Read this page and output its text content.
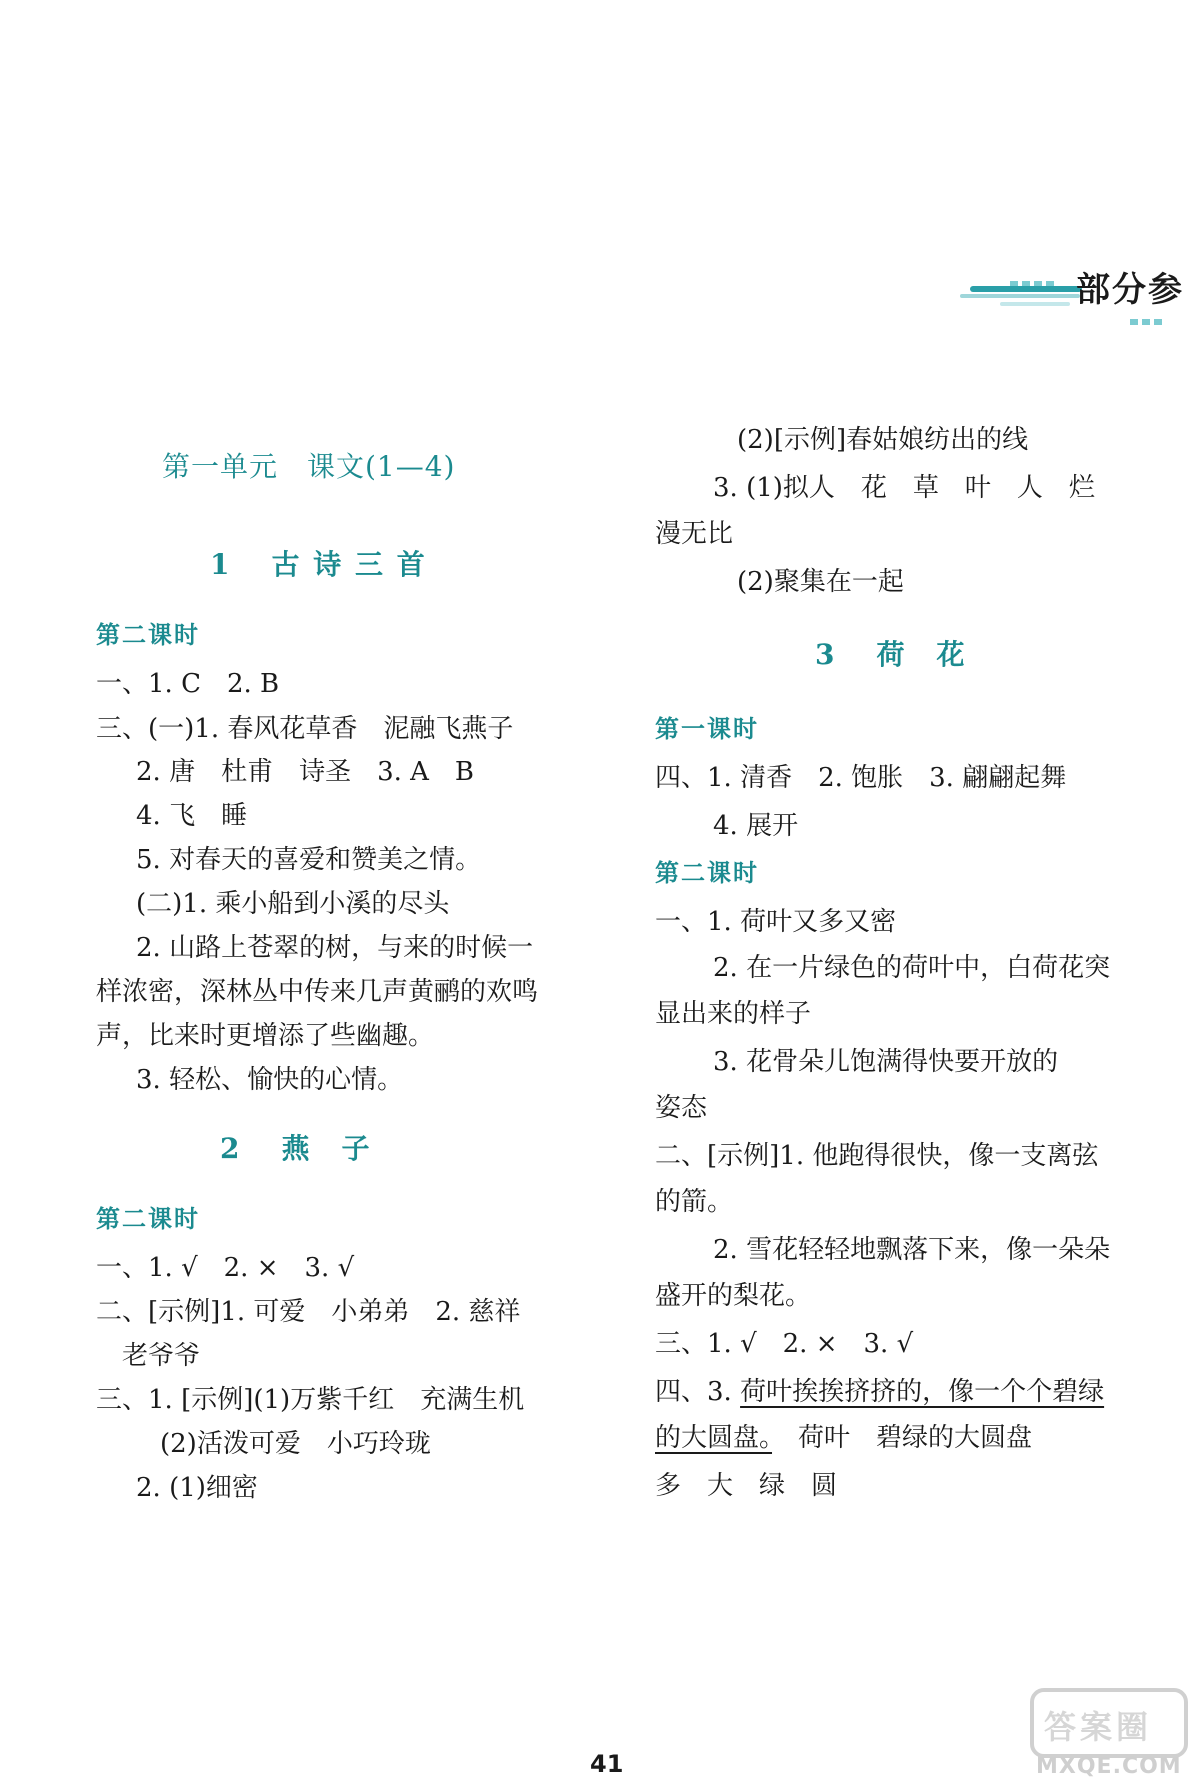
部分参
第一单元　课文(1—4)
1 古 诗 三 首
第二课时
一、1. C　2. B
三、(一)1. 春风花草香　泥融飞燕子
2. 唐　杜甫　诗圣　3. A　B
4. 飞　睡
5. 对春天的喜爱和赞美之情。
(二)1. 乘小船到小溪的尽头
2. 山路上苍翠的树，与来的时候一
样浓密，深林丛中传来几声黄鹂的欢鸣
声，比来时更增添了些幽趣。
3. 轻松、愉快的心情。
2 燕　子
第二课时
一、1. √　2. ×　3. √
二、[示例]1. 可爱　小弟弟　2. 慈祥
老爷爷
三、1. [示例](1)万紫千红　充满生机
(2)活泼可爱　小巧玲珑
2. (1)细密
(2)[示例]春姑娘纺出的线
3. (1)拟人　花　草　叶　人　烂
漫无比
(2)聚集在一起
3 荷　花
第一课时
四、1. 清香　2. 饱胀　3. 翩翩起舞
4. 展开
第二课时
一、1. 荷叶又多又密
2. 在一片绿色的荷叶中，白荷花突
显出来的样子
3. 花骨朵儿饱满得快要开放的
姿态
二、[示例]1. 他跑得很快，像一支离弦
的箭。
2. 雪花轻轻地飘落下来，像一朵朵
盛开的梨花。
三、1. √　2. ×　3. √
四、3. 荷叶挨挨挤挤的，像一个个碧绿
的大圆盘。　荷叶　碧绿的大圆盘
多　大　绿　圆
41
答案圈
MXQE.COM
